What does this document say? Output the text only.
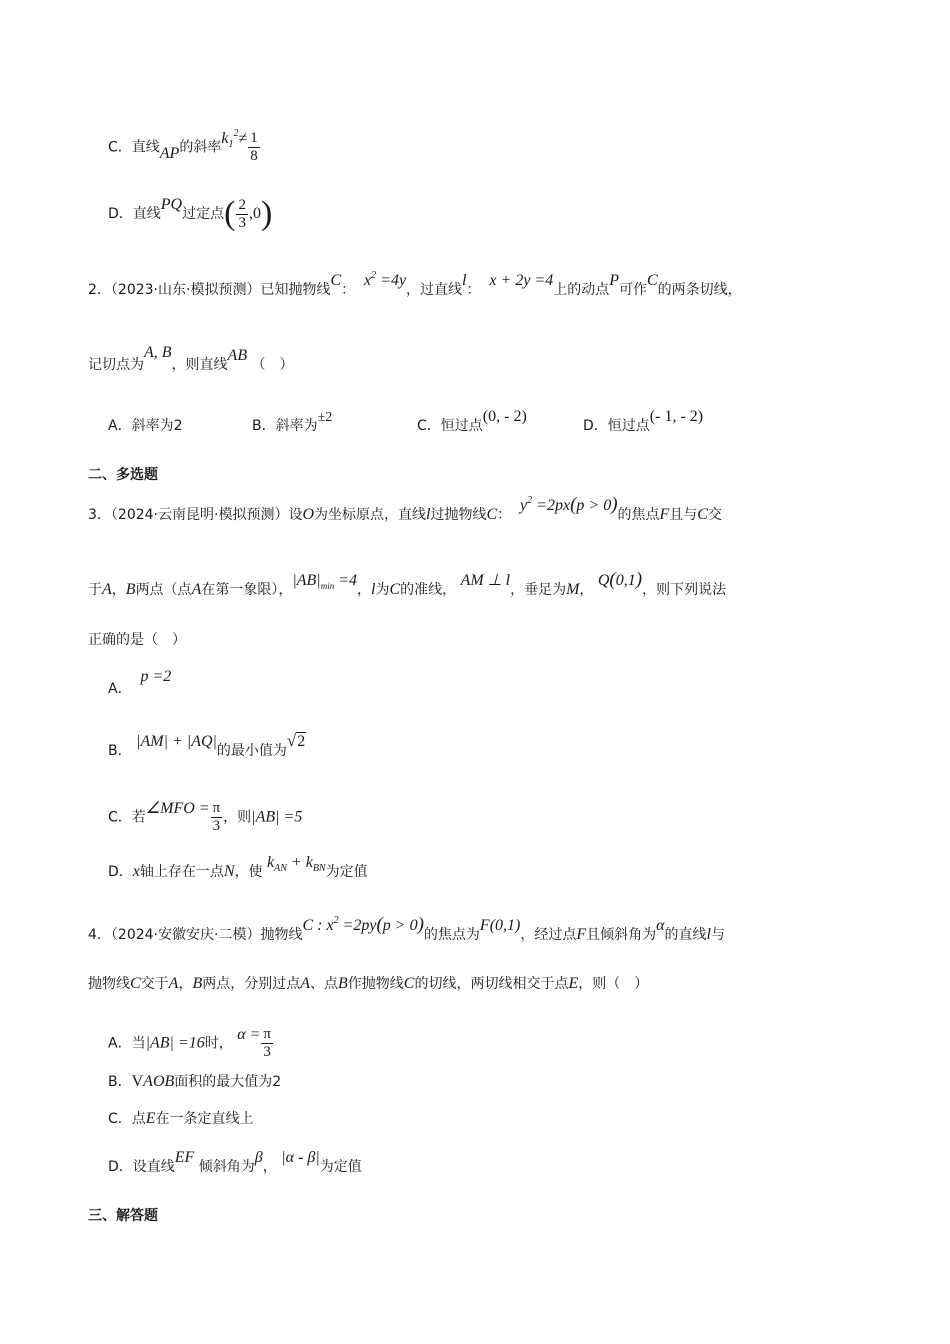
C．直线AP的斜率$k_1^2\ne \frac{1}{8}$
D．直线PQ过定点( $\frac{2}{3} ,0$)
2．（2023·山东·模拟预测）已知抛物线C：  $x^2 =4y$，过直线l：  x + 2y =4上的动点P可作C的两条切线，
记切点为A, B，则直线AB （　）
A．斜率为2	B．斜率为±2
C．恒过点(0, - 2)
D．恒过点(- 1, - 2)
二、多选题
3．（2024·云南昆明·模拟预测）设O为坐标原点，直线l过抛物线C：  $y^2 =2px(p > 0)$的焦点F且与C交
于A，B两点（点A在第一象限），$|AB|_{min} =4$，l为C的准线， AM ⊥ l，垂足为M， Q(0,1)，则下列说法
正确的是（　）
A．  p =2
B． |AM| + |AQ|的最小值为√2
C．若∠MFO = $\frac{\pi}{3}$ ，则|AB| =5
D．x轴上存在一点N，使 $k_{AN} + k_{BN}$为定值
4．（2024·安徽安庆·二模）抛物线C : $x^2 =2py(p > 0)$的焦点为F(0,1)，经过点F且倾斜角为α的直线l与
抛物线C交于A，B两点，分别过点A、点B作抛物线C的切线，两切线相交于点E，则（　）
A．当|AB| =16时， $\alpha = \frac{\pi}{3}$
B．VAOB面积的最大值为2
C．点E在一条定直线上
D．设直线EF 倾斜角为β， |α - β|为定值
三、解答题
